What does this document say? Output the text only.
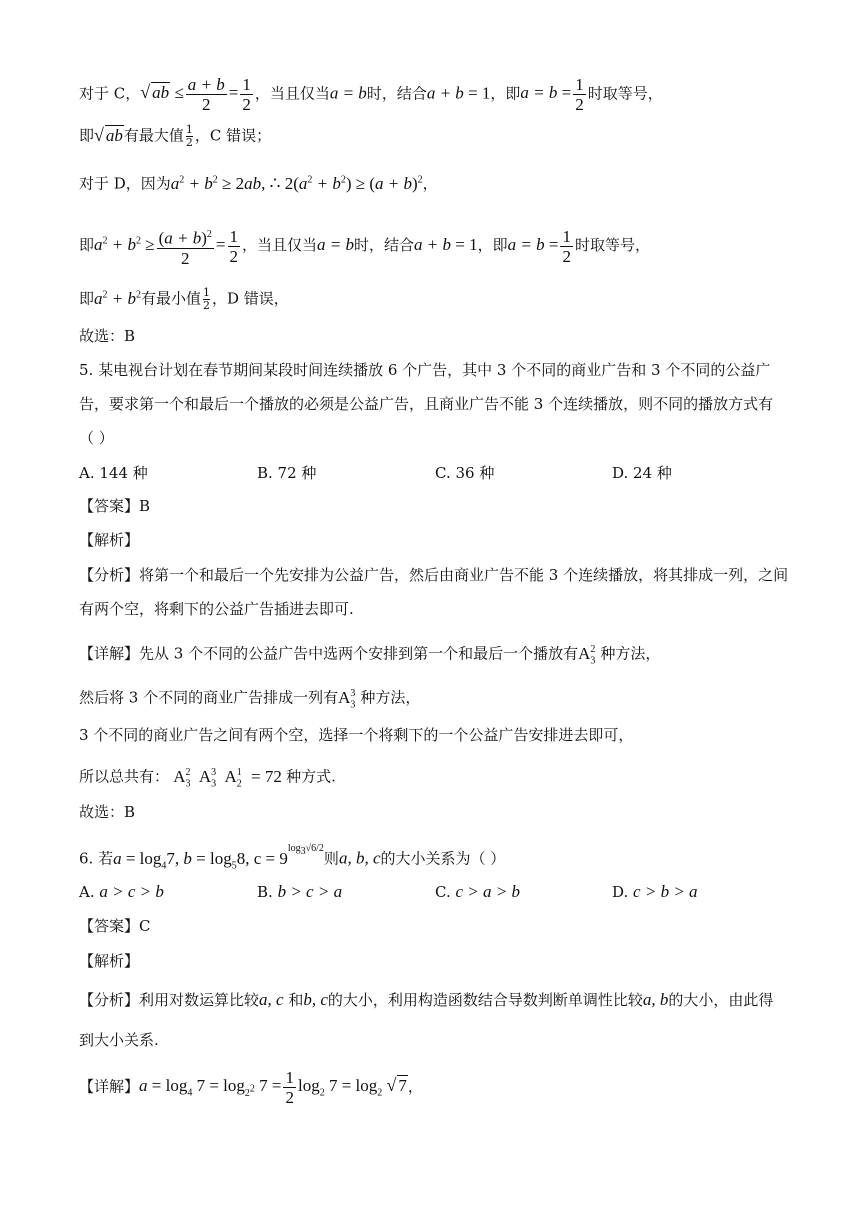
对于 C，√ ab ≤ $\frac{a + b}{2} = \frac{1}{2}$ ，当且仅当a = b时，结合a + b = 1，即$a = b = \frac{1}{2}$ 时取等号，
即√ ab有最大值 $\frac{1}{2}$ ，C 错误；
对于 D，因为$a^2 + b^2 \ge 2ab$, ∴ $2(a^2 + b^2) \ge (a + b)^2$，
即$a^2 + b^2 \ge \frac{(a + b)^2}{2} = \frac{1}{2}$ ，当且仅当a = b时，结合a + b = 1，即$a = b = \frac{1}{2}$ 时取等号，
即$a^2 + b^2$有最小值 $\frac{1}{2}$ ，D 错误，
故选：B
5. 某电视台计划在春节期间某段时间连续播放 6 个广告，其中 3 个不同的商业广告和 3 个不同的公益广
告，要求第一个和最后一个播放的必须是公益广告，且商业广告不能 3 个连续播放，则不同的播放方式有
（ ）
A. 144 种	B. 72 种	C. 36 种	D. 24 种
【答案】B
【解析】
【分析】将第一个和最后一个先安排为公益广告，然后由商业广告不能 3 个连续播放，将其排成一列，之间
有两个空，将剩下的公益广告插进去即可.
【详解】先从 3 个不同的公益广告中选两个安排到第一个和最后一个播放有$A_3^2$ 种方法，
然后将 3 个不同的商业广告排成一列有$A_3^3$ 种方法，
3 个不同的商业广告之间有两个空，选择一个将剩下的一个公益广告安排进去即可，
所以总共有： $A_3^2$ $A_3^3$ $A_2^1 = 72$ 种方式.
故选：B
6. 若$a = \log_47$, $b = \log_58$, $c = 9^{log_3√6/2}$则a, b, c的大小关系为（ ）
A. a > c > b	B. b > c > a	C. c > a > b	D. c > b > a
【答案】C
【解析】
【分析】利用对数运算比较a, c 和b, c的大小，利用构造函数结合导数判断单调性比较a, b的大小，由此得
到大小关系.
【详解】$a = \log_4 7 = \log_{2^2} 7 = \frac{1}{2} \log_2 7 = \log_2$ √ 7，
